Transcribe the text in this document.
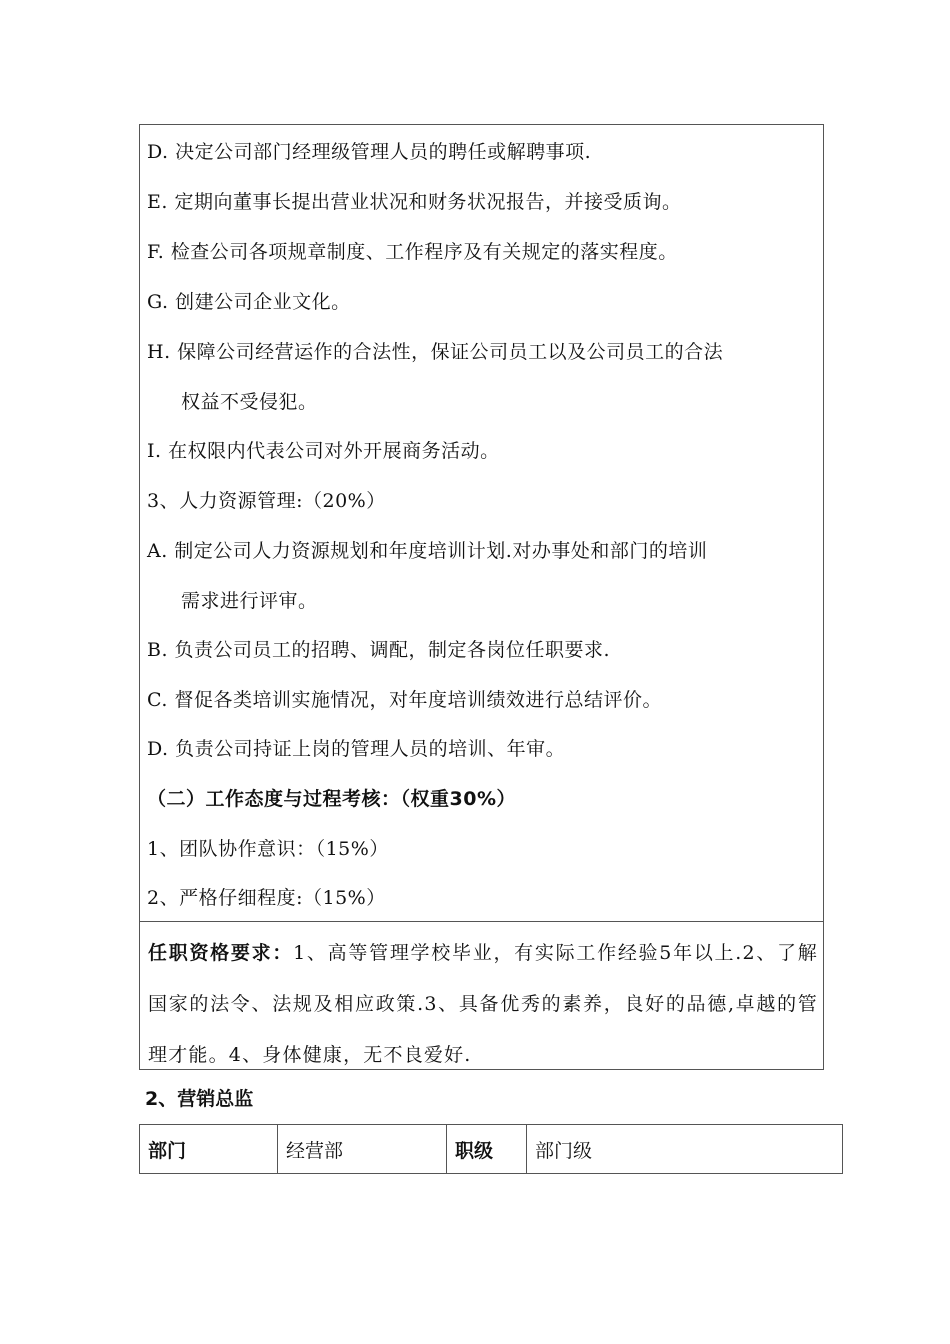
D. 决定公司部门经理级管理人员的聘任或解聘事项.
E. 定期向董事长提出营业状况和财务状况报告，并接受质询。
F. 检查公司各项规章制度、工作程序及有关规定的落实程度。
G. 创建公司企业文化。
H. 保障公司经营运作的合法性，保证公司员工以及公司员工的合法
权益不受侵犯。
I. 在权限内代表公司对外开展商务活动。
3、人力资源管理:（20%）
A. 制定公司人力资源规划和年度培训计划.对办事处和部门的培训
需求进行评审。
B. 负责公司员工的招聘、调配，制定各岗位任职要求.
C. 督促各类培训实施情况，对年度培训绩效进行总结评价。
D. 负责公司持证上岗的管理人员的培训、年审。
（二）工作态度与过程考核：（权重30%）
1、团队协作意识：（15%）
2、严格仔细程度:（15%）
任职资格要求：1、高等管理学校毕业，有实际工作经验5年以上.2、了解国家的法令、法规及相应政策.3、具备优秀的素养，良好的品德,卓越的管理才能。4、身体健康，无不良爱好.
2、营销总监
部门	经营部	职级	部门级
